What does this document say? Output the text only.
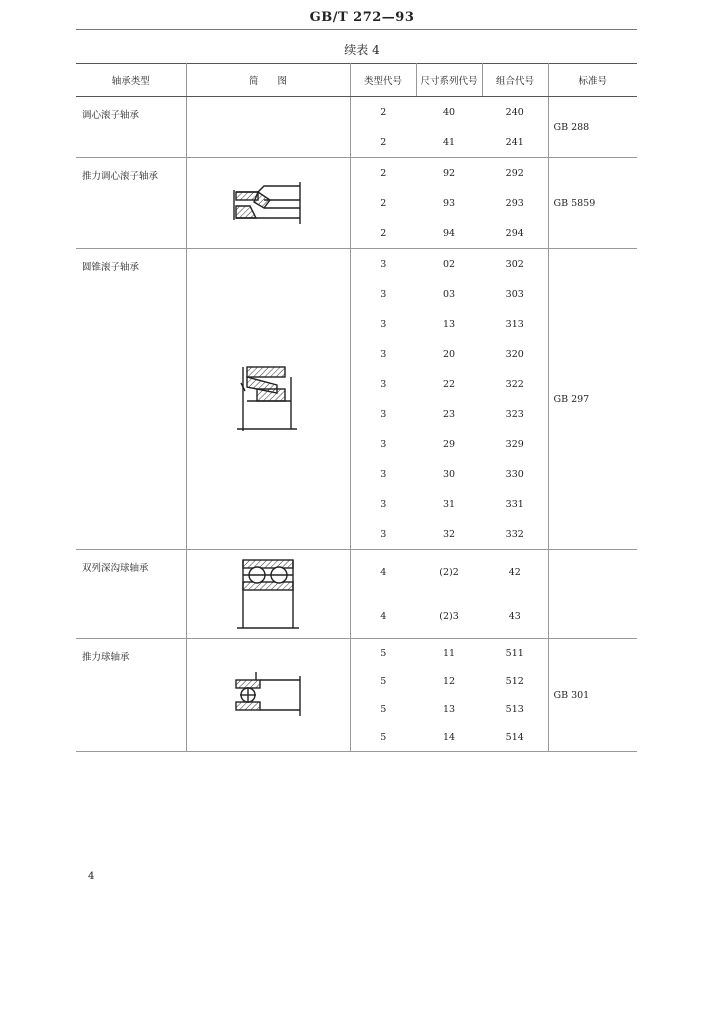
GB/T 272—93
续表 4
轴承类型	简　　图	类型代号	尺寸系列代号	组合代号	标准号
调心滚子轴承		2	40	240	GB 288
		2	41	241	
推力调心滚子轴承		2	92	292	GB 5859
		2	93	293	
		2	94	294	
圆锥滚子轴承		3	02	302	GB 297
		3	03	303	
		3	13	313	
		3	20	320	
		3	22	322	
		3	23	323	
		3	29	329	
		3	30	330	
		3	31	331	
		3	32	332	
双列深沟球轴承		4	(2)2	42	
		4	(2)3	43	
推力球轴承		5	11	511	GB 301
		5	12	512	
		5	13	513	
		5	14	514	
4
